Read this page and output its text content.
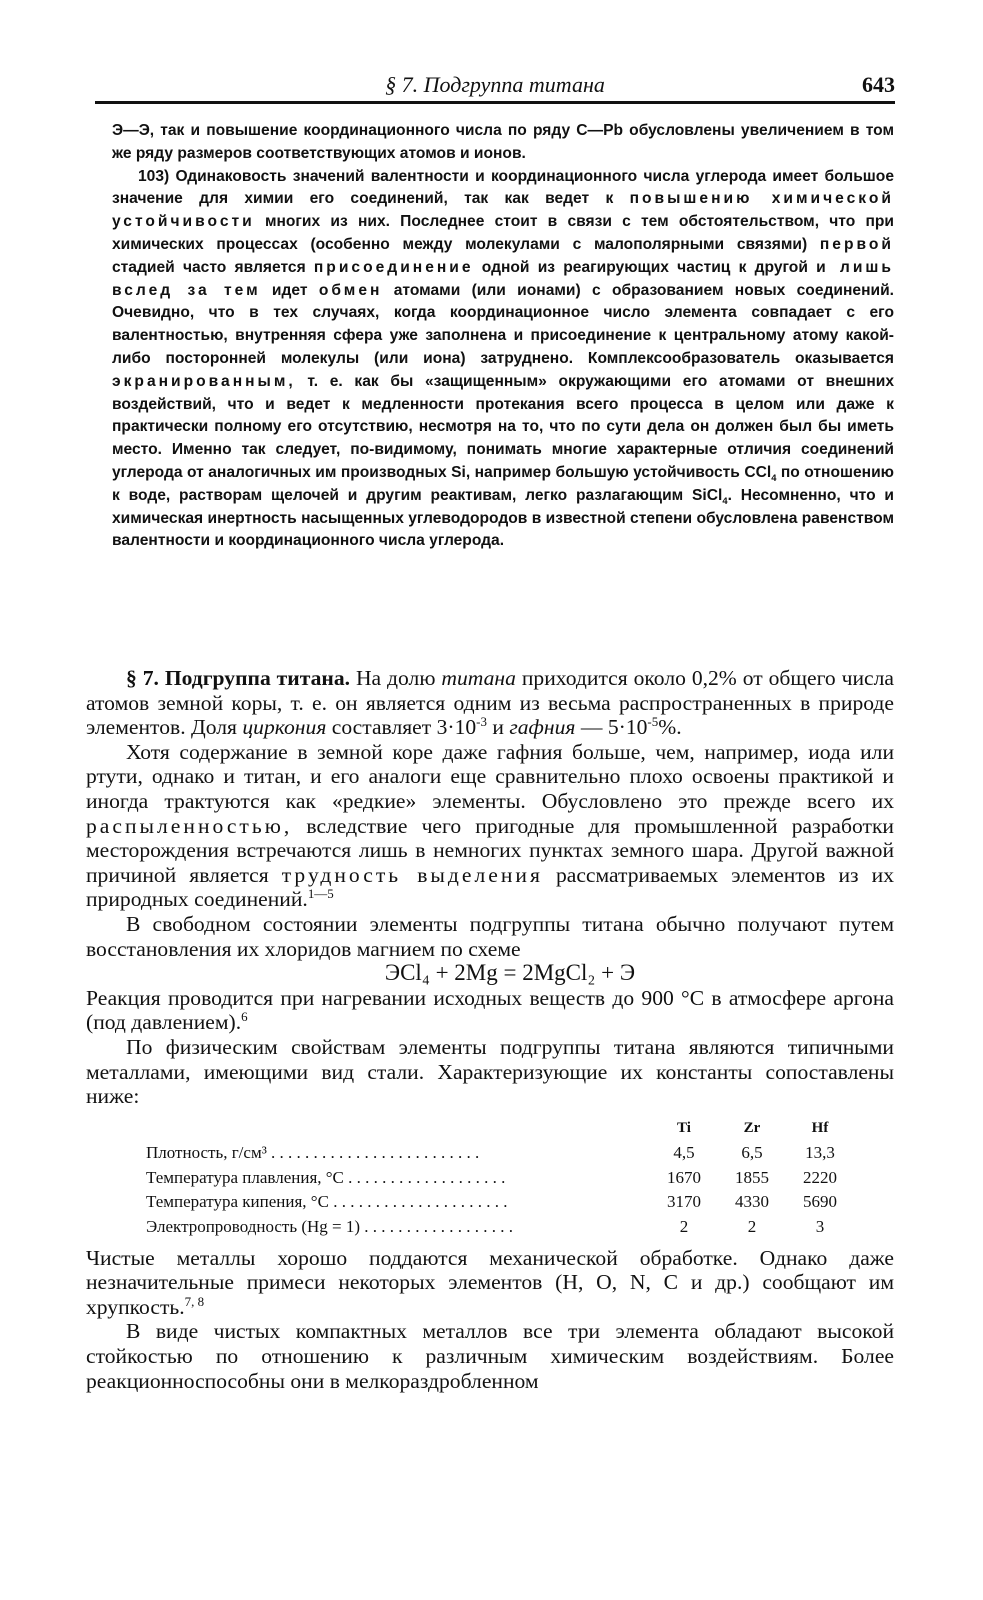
§ 7. Подгруппа титана	643

Э—Э, так и повышение координационного числа по ряду С—Pb обусловлены увеличением в том же ряду размеров соответствующих атомов и ионов.

103) Одинаковость значений валентности и координационного числа углерода имеет большое значение для химии его соединений, так как ведет к повышению химической устойчивости многих из них. Последнее стоит в связи с тем обстоятельством, что при химических процессах (особенно между молекулами с малополярными связями) первой стадией часто является присоединение одной из реагирующих частиц к другой и лишь вслед за тем идет обмен атомами (или ионами) с образованием новых соединений. Очевидно, что в тех случаях, когда координационное число элемента совпадает с его валентностью, внутренняя сфера уже заполнена и присоединение к центральному атому какой-либо посторонней молекулы (или иона) затруднено. Комплексообразователь оказывается экранированным, т. е. как бы «защищенным» окружающими его атомами от внешних воздействий, что и ведет к медленности протекания всего процесса в целом или даже к практически полному его отсутствию, несмотря на то, что по сути дела он должен был бы иметь место. Именно так следует, по-видимому, понимать многие характерные отличия соединений углерода от аналогичных им производных Si, например большую устойчивость CCl$_4$ по отношению к воде, растворам щелочей и другим реактивам, легко разлагающим SiCl$_4$. Несомненно, что и химическая инертность насыщенных углеводородов в известной степени обусловлена равенством валентности и координационного числа углерода.

§ 7. Подгруппа титана. На долю титана приходится около 0,2% от общего числа атомов земной коры, т. е. он является одним из весьма распространенных в природе элементов. Доля циркония составляет $3\cdot 10^{-3}$ и гафния — $5\cdot 10^{-5}\%$.

Хотя содержание в земной коре даже гафния больше, чем, например, иода или ртути, однако и титан, и его аналоги еще сравнительно плохо освоены практикой и иногда трактуются как «редкие» элементы. Обусловлено это прежде всего их распыленностью, вследствие чего пригодные для промышленной разработки месторождения встречаются лишь в немногих пунктах земного шара. Другой важной причиной является трудность выделения рассматриваемых элементов из их природных соединений.$^{1—5}$

В свободном состоянии элементы подгруппы титана обычно получают путем восстановления их хлоридов магнием по схеме

ЭCl₄ + 2Mg = 2MgCl₂ + Э

Реакция проводится при нагревании исходных веществ до 900 °С в атмосфере аргона (под давлением).$^6$

По физическим свойствам элементы подгруппы титана являются типичными металлами, имеющими вид стали. Характеризующие их константы сопоставлены ниже:

	Ti	Zr	Hf
Плотность, г/см³ . . . . . . . . . . . . . . . . . . . . . . . . .	4,5	6,5	13,3
Температура плавления, °С . . . . . . . . . . . . . . . . . . .	1670	1855	2220
Температура кипения, °С . . . . . . . . . . . . . . . . . . . . .	3170	4330	5690
Электропроводность (Hg = 1) . . . . . . . . . . . . . . . . . .	2	2	3

Чистые металлы хорошо поддаются механической обработке. Однако даже незначительные примеси некоторых элементов (H, O, N, C и др.) сообщают им хрупкость.$^{7, 8}$

В виде чистых компактных металлов все три элемента обладают высокой стойкостью по отношению к различным химическим воздействиям. Более реакционноспособны они в мелкораздробленном
